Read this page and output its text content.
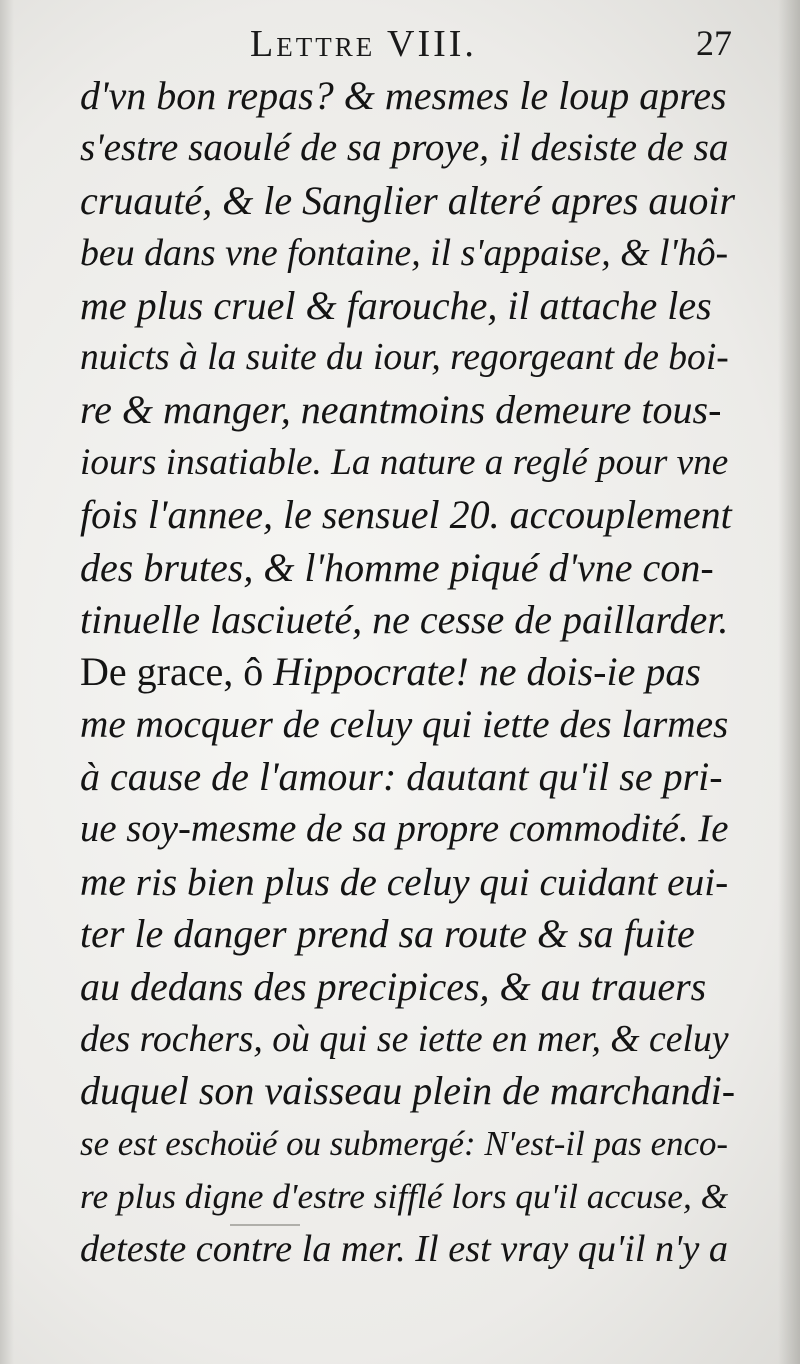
Lettre VIII.	27
d'vn bon repas? & mesmes le loup apres
s'estre saoulé de sa proye, il desiste de sa
cruauté, & le Sanglier alteré apres auoir
beu dans vne fontaine, il s'appaise, & l'hô-
me plus cruel & farouche, il attache les
nuicts à la suite du iour, regorgeant de boi-
re & manger, neantmoins demeure tous-
iours insatiable. La nature a reglé pour vne
fois l'annee, le sensuel 20. accouplement
des brutes, & l'homme piqué d'vne con-
tinuelle lasciueté, ne cesse de paillarder.
De grace, ô Hippocrate! ne dois-ie pas
me mocquer de celuy qui iette des larmes
à cause de l'amour: dautant qu'il se pri-
ue soy-mesme de sa propre commodité. Ie
me ris bien plus de celuy qui cuidant eui-
ter le danger prend sa route & sa fuite
au dedans des precipices, & au trauers
des rochers, où qui se iette en mer, & celuy
duquel son vaisseau plein de marchandi-
se est eschoüé ou submergé: N'est-il pas enco-
re plus digne d'estre sifflé lors qu'il accuse, &
deteste contre la mer. Il est vray qu'il n'y a
